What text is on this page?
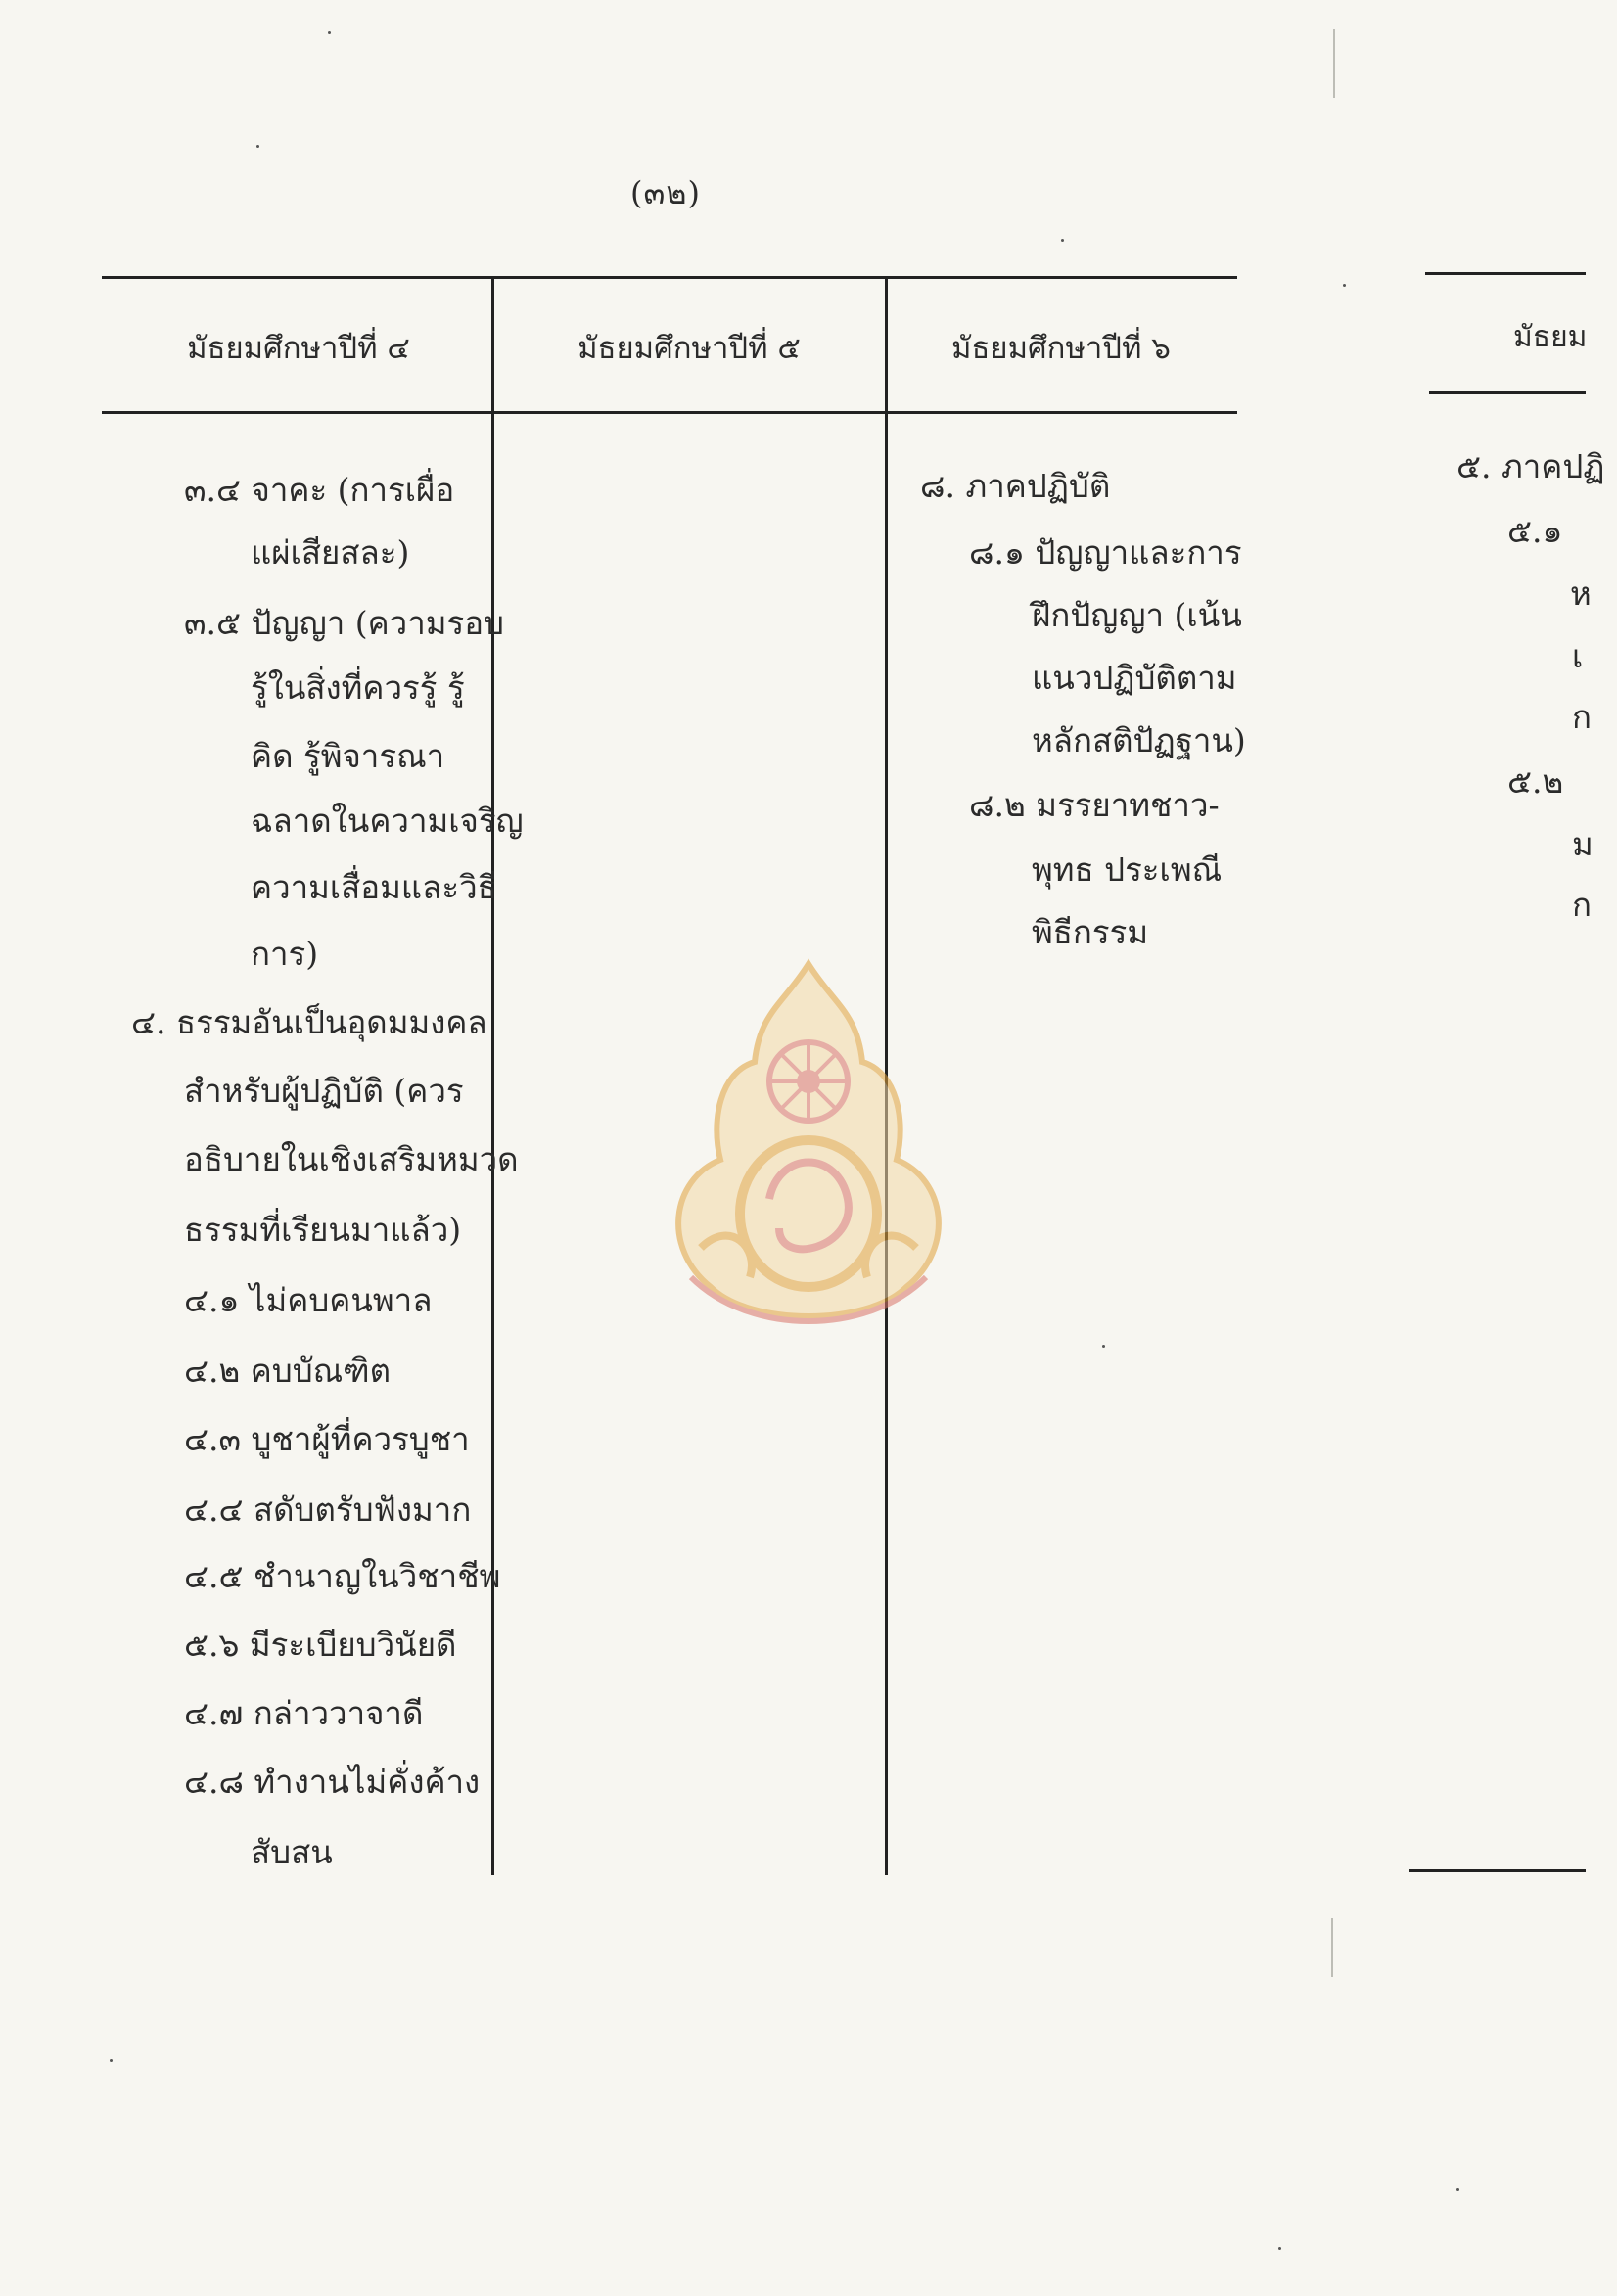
(๓๒)
มัธยมศึกษาปีที่ ๔	มัธยมศึกษาปีที่ ๕	มัธยมศึกษาปีที่ ๖
๓.๔ จาคะ (การเผื่อ
แผ่เสียสละ)
๓.๕ ปัญญา (ความรอบ
รู้ในสิ่งที่ควรรู้ รู้
คิด รู้พิจารณา
ฉลาดในความเจริญ
ความเสื่อมและวิธี
การ)
๔. ธรรมอันเป็นอุดมมงคล
สำหรับผู้ปฏิบัติ (ควร
อธิบายในเชิงเสริมหมวด
ธรรมที่เรียนมาแล้ว)
๔.๑ ไม่คบคนพาล
๔.๒ คบบัณฑิต
๔.๓ บูชาผู้ที่ควรบูชา
๔.๔ สดับตรับฟังมาก
๔.๕ ชำนาญในวิชาชีพ
๕.๖ มีระเบียบวินัยดี
๔.๗ กล่าววาจาดี
๔.๘ ทำงานไม่คั่งค้าง
สับสน
๘. ภาคปฏิบัติ
๘.๑ ปัญญาและการ
ฝึกปัญญา (เน้น
แนวปฏิบัติตาม
หลักสติปัฏฐาน)
๘.๒ มรรยาทชาว-
พุทธ ประเพณี
พิธีกรรม
มัธยม
๕. ภาคปฏิ
๕.๑
ห
เ
ก
๕.๒
ม
ก
